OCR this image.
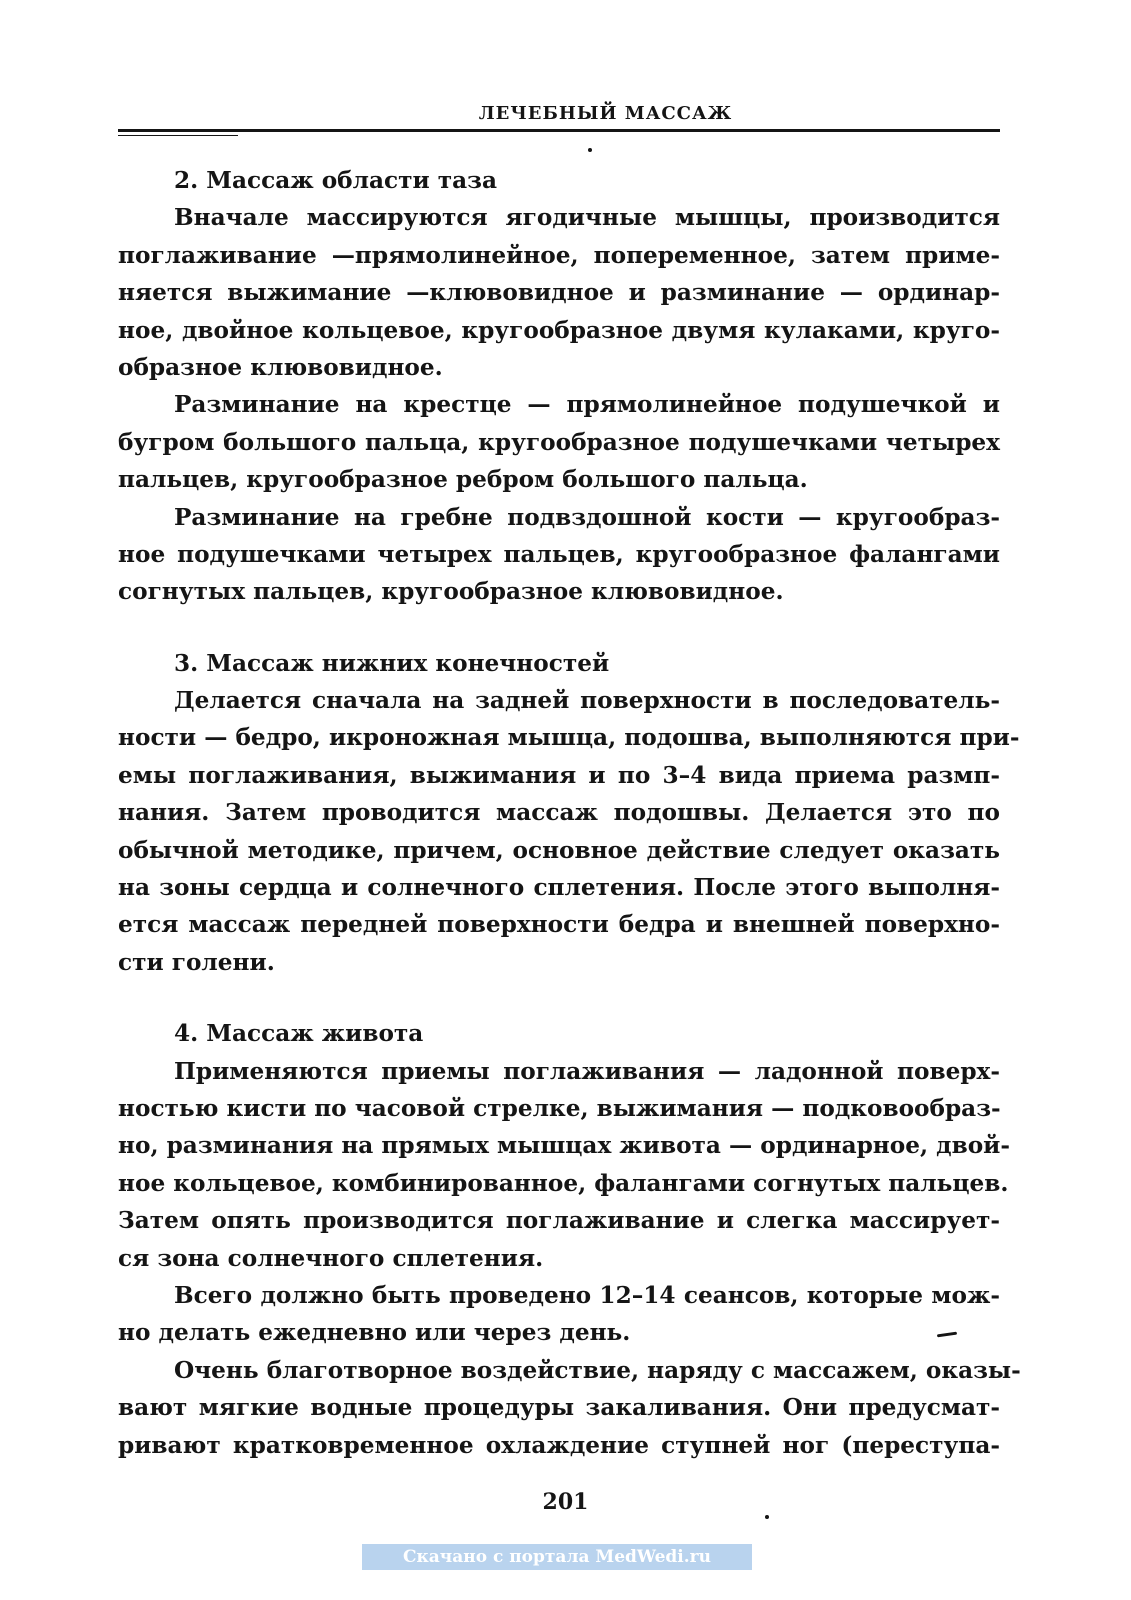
ЛЕЧЕБНЫЙ МАССАЖ
2. Массаж области таза
Вначале массируются ягодичные мышцы, производится
поглаживание —прямолинейное, попеременное, затем приме-
няется выжимание —клювовидное и разминание — ординар-
ное, двойное кольцевое, кругообразное двумя кулаками, круго-
образное клювовидное.
Разминание на крестце — прямолинейное подушечкой и
бугром большого пальца, кругообразное подушечками четырех
пальцев, кругообразное ребром большого пальца.
Разминание на гребне подвздошной кости — кругообраз-
ное подушечками четырех пальцев, кругообразное фалангами
согнутых пальцев, кругообразное клювовидное.
3. Массаж нижних конечностей
Делается сначала на задней поверхности в последователь-
ности — бедро, икроножная мышца, подошва, выполняются при-
емы поглаживания, выжимания и по 3–4 вида приема размп-
нания. Затем проводится массаж подошвы. Делается это по
обычной методике, причем, основное действие следует оказать
на зоны сердца и солнечного сплетения. После этого выполня-
ется массаж передней поверхности бедра и внешней поверхно-
сти голени.
4. Массаж живота
Применяются приемы поглаживания — ладонной поверх-
ностью кисти по часовой стрелке, выжимания — подковообраз-
но, разминания на прямых мышцах живота — ординарное, двой-
ное кольцевое, комбинированное, фалангами согнутых пальцев.
Затем опять производится поглаживание и слегка массирует-
ся зона солнечного сплетения.
Всего должно быть проведено 12–14 сеансов, которые мож-
но делать ежедневно или через день.
Очень благотворное воздействие, наряду с массажем, оказы-
вают мягкие водные процедуры закаливания. Они предусмат-
ривают кратковременное охлаждение ступней ног (переступа-
201
Скачано с портала MedWedi.ru
